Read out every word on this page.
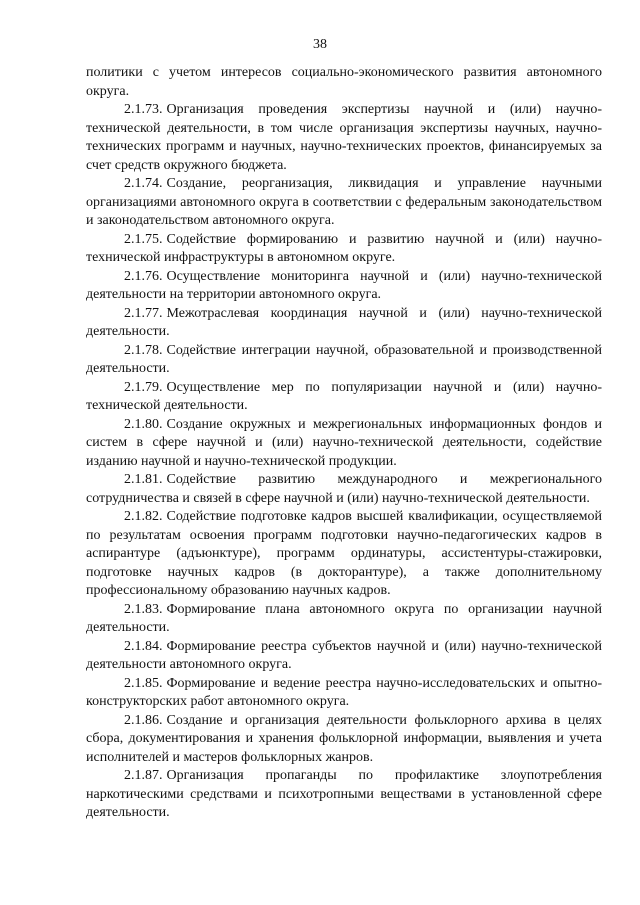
38

политики с учетом интересов социально-экономического развития автономного округа.

2.1.73. Организация проведения экспертизы научной и (или) научно-технической деятельности, в том числе организация экспертизы научных, научно-технических программ и научных, научно-технических проектов, финансируемых за счет средств окружного бюджета.

2.1.74. Создание, реорганизация, ликвидация и управление научными организациями автономного округа в соответствии с федеральным законодательством и законодательством автономного округа.

2.1.75. Содействие формированию и развитию научной и (или) научно-технической инфраструктуры в автономном округе.

2.1.76. Осуществление мониторинга научной и (или) научно-технической деятельности на территории автономного округа.

2.1.77. Межотраслевая координация научной и (или) научно-технической деятельности.

2.1.78. Содействие интеграции научной, образовательной и производственной деятельности.

2.1.79. Осуществление мер по популяризации научной и (или) научно-технической деятельности.

2.1.80. Создание окружных и межрегиональных информационных фондов и систем в сфере научной и (или) научно-технической деятельности, содействие изданию научной и научно-технической продукции.

2.1.81. Содействие развитию международного и межрегионального сотрудничества и связей в сфере научной и (или) научно-технической деятельности.

2.1.82. Содействие подготовке кадров высшей квалификации, осуществляемой по результатам освоения программ подготовки научно-педагогических кадров в аспирантуре (адъюнктуре), программ ординатуры, ассистентуры-стажировки, подготовке научных кадров (в докторантуре), а также дополнительному профессиональному образованию научных кадров.

2.1.83. Формирование плана автономного округа по организации научной деятельности.

2.1.84. Формирование реестра субъектов научной и (или) научно-технической деятельности автономного округа.

2.1.85. Формирование и ведение реестра научно-исследовательских и опытно-конструкторских работ автономного округа.

2.1.86. Создание и организация деятельности фольклорного архива в целях сбора, документирования и хранения фольклорной информации, выявления и учета исполнителей и мастеров фольклорных жанров.

2.1.87. Организация пропаганды по профилактике злоупотребления наркотическими средствами и психотропными веществами в установленной сфере деятельности.
